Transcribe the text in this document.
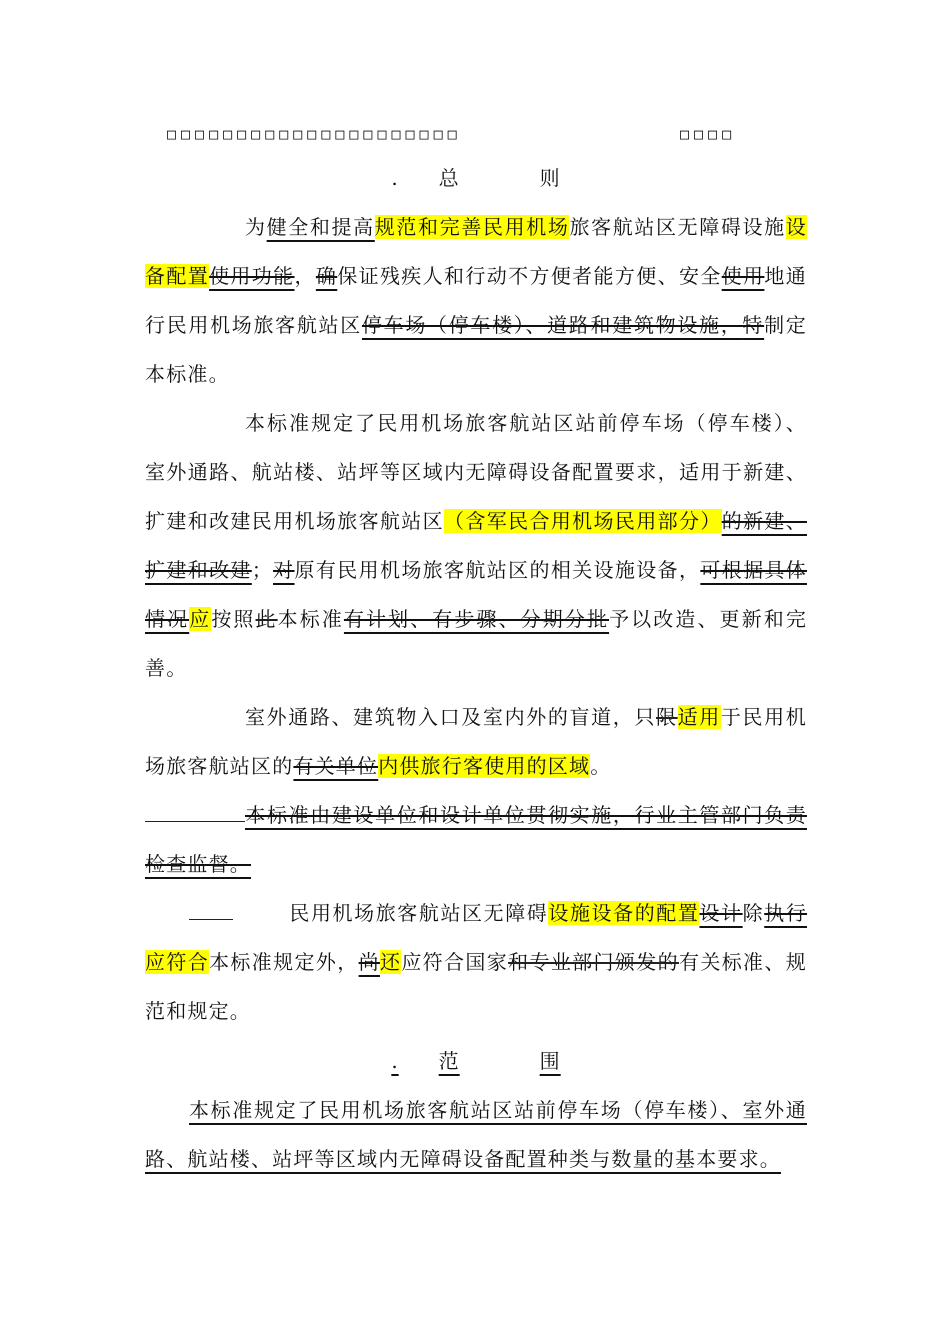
□□□□□□□□□□□□□□□□□□□□□	□□□□
. 总	则

为健全和提高规范和完善民用机场旅客航站区无障碍设施设备配置使用功能，确保证残疾人和行动不方便者能方便、安全使用地通行民用机场旅客航站区停车场（停车楼）、道路和建筑物设施，特制定本标准。

本标准规定了民用机场旅客航站区站前停车场（停车楼）、室外通路、航站楼、站坪等区域内无障碍设备配置要求，适用于新建、扩建和改建民用机场旅客航站区（含军民合用机场民用部分）的新建、扩建和改建；对原有民用机场旅客航站区的相关设施设备，可根据具体情况应按照此本标准有计划、有步骤、分期分批予以改造、更新和完善。

室外通路、建筑物入口及室内外的盲道，只限适用于民用机场旅客航站区的有关单位内供旅行客使用的区域。

本标准由建设单位和设计单位贯彻实施，行业主管部门负责检查监督。

民用机场旅客航站区无障碍设施设备的配置设计除执行应符合本标准规定外，尚还应符合国家和专业部门颁发的有关标准、规范和规定。

. 范	围

本标准规定了民用机场旅客航站区站前停车场（停车楼）、室外通路、航站楼、站坪等区域内无障碍设备配置种类与数量的基本要求。
